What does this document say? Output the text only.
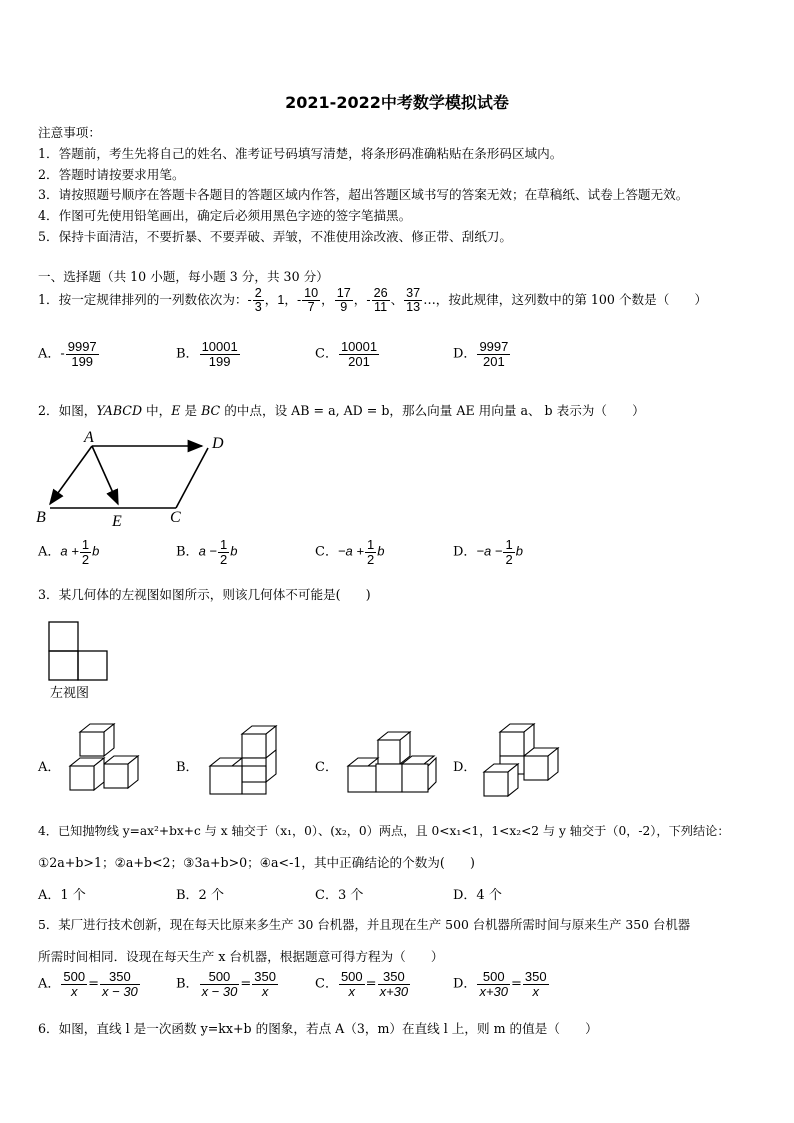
2021-2022中考数学模拟试卷
注意事项：
1．答题前，考生先将自己的姓名、准考证号码填写清楚，将条形码准确粘贴在条形码区域内。
2．答题时请按要求用笔。
3．请按照题号顺序在答题卡各题目的答题区域内作答，超出答题区域书写的答案无效；在草稿纸、试卷上答题无效。
4．作图可先使用铅笔画出，确定后必须用黑色字迹的签字笔描黑。
5．保持卡面清洁，不要折暴、不要弄破、弄皱，不准使用涂改液、修正带、刮纸刀。
一、选择题（共 10 小题，每小题 3 分，共 30 分）
1．按一定规律排列的一列数依次为：- $\frac{2}{3}$ ，1，- $\frac{10}{7}$ ， $\frac{17}{9}$ ，- $\frac{26}{11}$ 、 $\frac{37}{13}$ …，按此规律，这列数中的第 100 个数是（　　）
A．- $\frac{9997}{199}$	B． $\frac{10001}{199}$	C． $\frac{10001}{201}$	D． $\frac{9997}{201}$
2．如图，YABCD 中，E 是 BC 的中点，设 AB = a, AD = b，那么向量 AE 用向量 a、 b 表示为（　　）
A	D
B	E	C
A．$a + \frac{1}{2}$ b	B．$a - \frac{1}{2}$ b	C．$-a + \frac{1}{2}$ b	D．$-a - \frac{1}{2}$ b
3．某几何体的左视图如图所示，则该几何体不可能是(　　)
左视图
A．	B．	C．	D．
4．已知抛物线 y=ax²+bx+c 与 x 轴交于（x₁，0）、(x₂，0）两点，且 0<x₁<1，1<x₂<2 与 y 轴交于（0，-2），下列结论：
①2a+b>1；②a+b<2；③3a+b>0；④a<-1，其中正确结论的个数为(　　)
A．1 个	B．2 个	C．3 个	D．4 个
5．某厂进行技术创新，现在每天比原来多生产 30 台机器，并且现在生产 500 台机器所需时间与原来生产 350 台机器
所需时间相同．设现在每天生产 x 台机器，根据题意可得方程为（　　）
A． $\frac{500}{x} = \frac{350}{x - 30}$	B． $\frac{500}{x - 30} = \frac{350}{x}$	C． $\frac{500}{x} = \frac{350}{x+30}$	D． $\frac{500}{x+30} = \frac{350}{x}$
6．如图，直线 l 是一次函数 y=kx+b 的图象，若点 A（3，m）在直线 l 上，则 m 的值是（　　）
